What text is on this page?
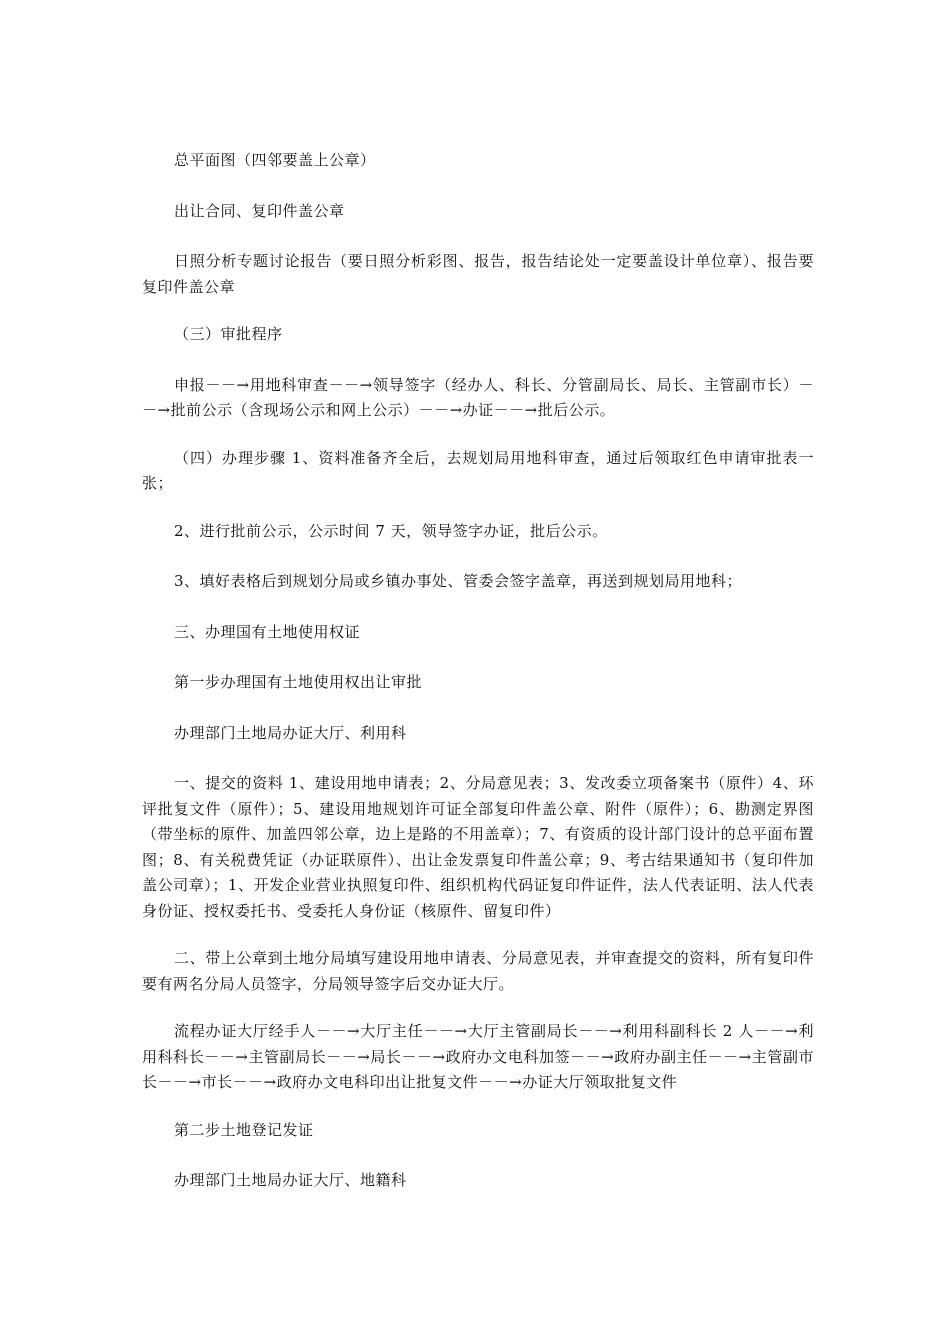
总平面图（四邻要盖上公章）

出让合同、复印件盖公章

日照分析专题讨论报告（要日照分析彩图、报告，报告结论处一定要盖设计单位章）、报告要复印件盖公章

（三）审批程序

申报－－→用地科审查－－→领导签字（经办人、科长、分管副局长、局长、主管副市长）－－→批前公示（含现场公示和网上公示）－－→办证－－→批后公示。

（四）办理步骤 1、资料准备齐全后，去规划局用地科审查，通过后领取红色申请审批表一张；

2、进行批前公示，公示时间 7 天，领导签字办证，批后公示。

3、填好表格后到规划分局或乡镇办事处、管委会签字盖章，再送到规划局用地科；

三、办理国有土地使用权证

第一步办理国有土地使用权出让审批

办理部门土地局办证大厅、利用科

一、提交的资料 1、建设用地申请表；2、分局意见表；3、发改委立项备案书（原件）4、环评批复文件（原件）；5、建设用地规划许可证全部复印件盖公章、附件（原件）；6、勘测定界图（带坐标的原件、加盖四邻公章，边上是路的不用盖章）；7、有资质的设计部门设计的总平面布置图；8、有关税费凭证（办证联原件）、出让金发票复印件盖公章；9、考古结果通知书（复印件加盖公司章）；1、开发企业营业执照复印件、组织机构代码证复印件证件，法人代表证明、法人代表身份证、授权委托书、受委托人身份证（核原件、留复印件）

二、带上公章到土地分局填写建设用地申请表、分局意见表，并审查提交的资料，所有复印件要有两名分局人员签字，分局领导签字后交办证大厅。

流程办证大厅经手人－－→大厅主任－－→大厅主管副局长－－→利用科副科长 2 人－－→利用科科长－－→主管副局长－－→局长－－→政府办文电科加签－－→政府办副主任－－→主管副市长－－→市长－－→政府办文电科印出让批复文件－－→办证大厅领取批复文件

第二步土地登记发证

办理部门土地局办证大厅、地籍科
